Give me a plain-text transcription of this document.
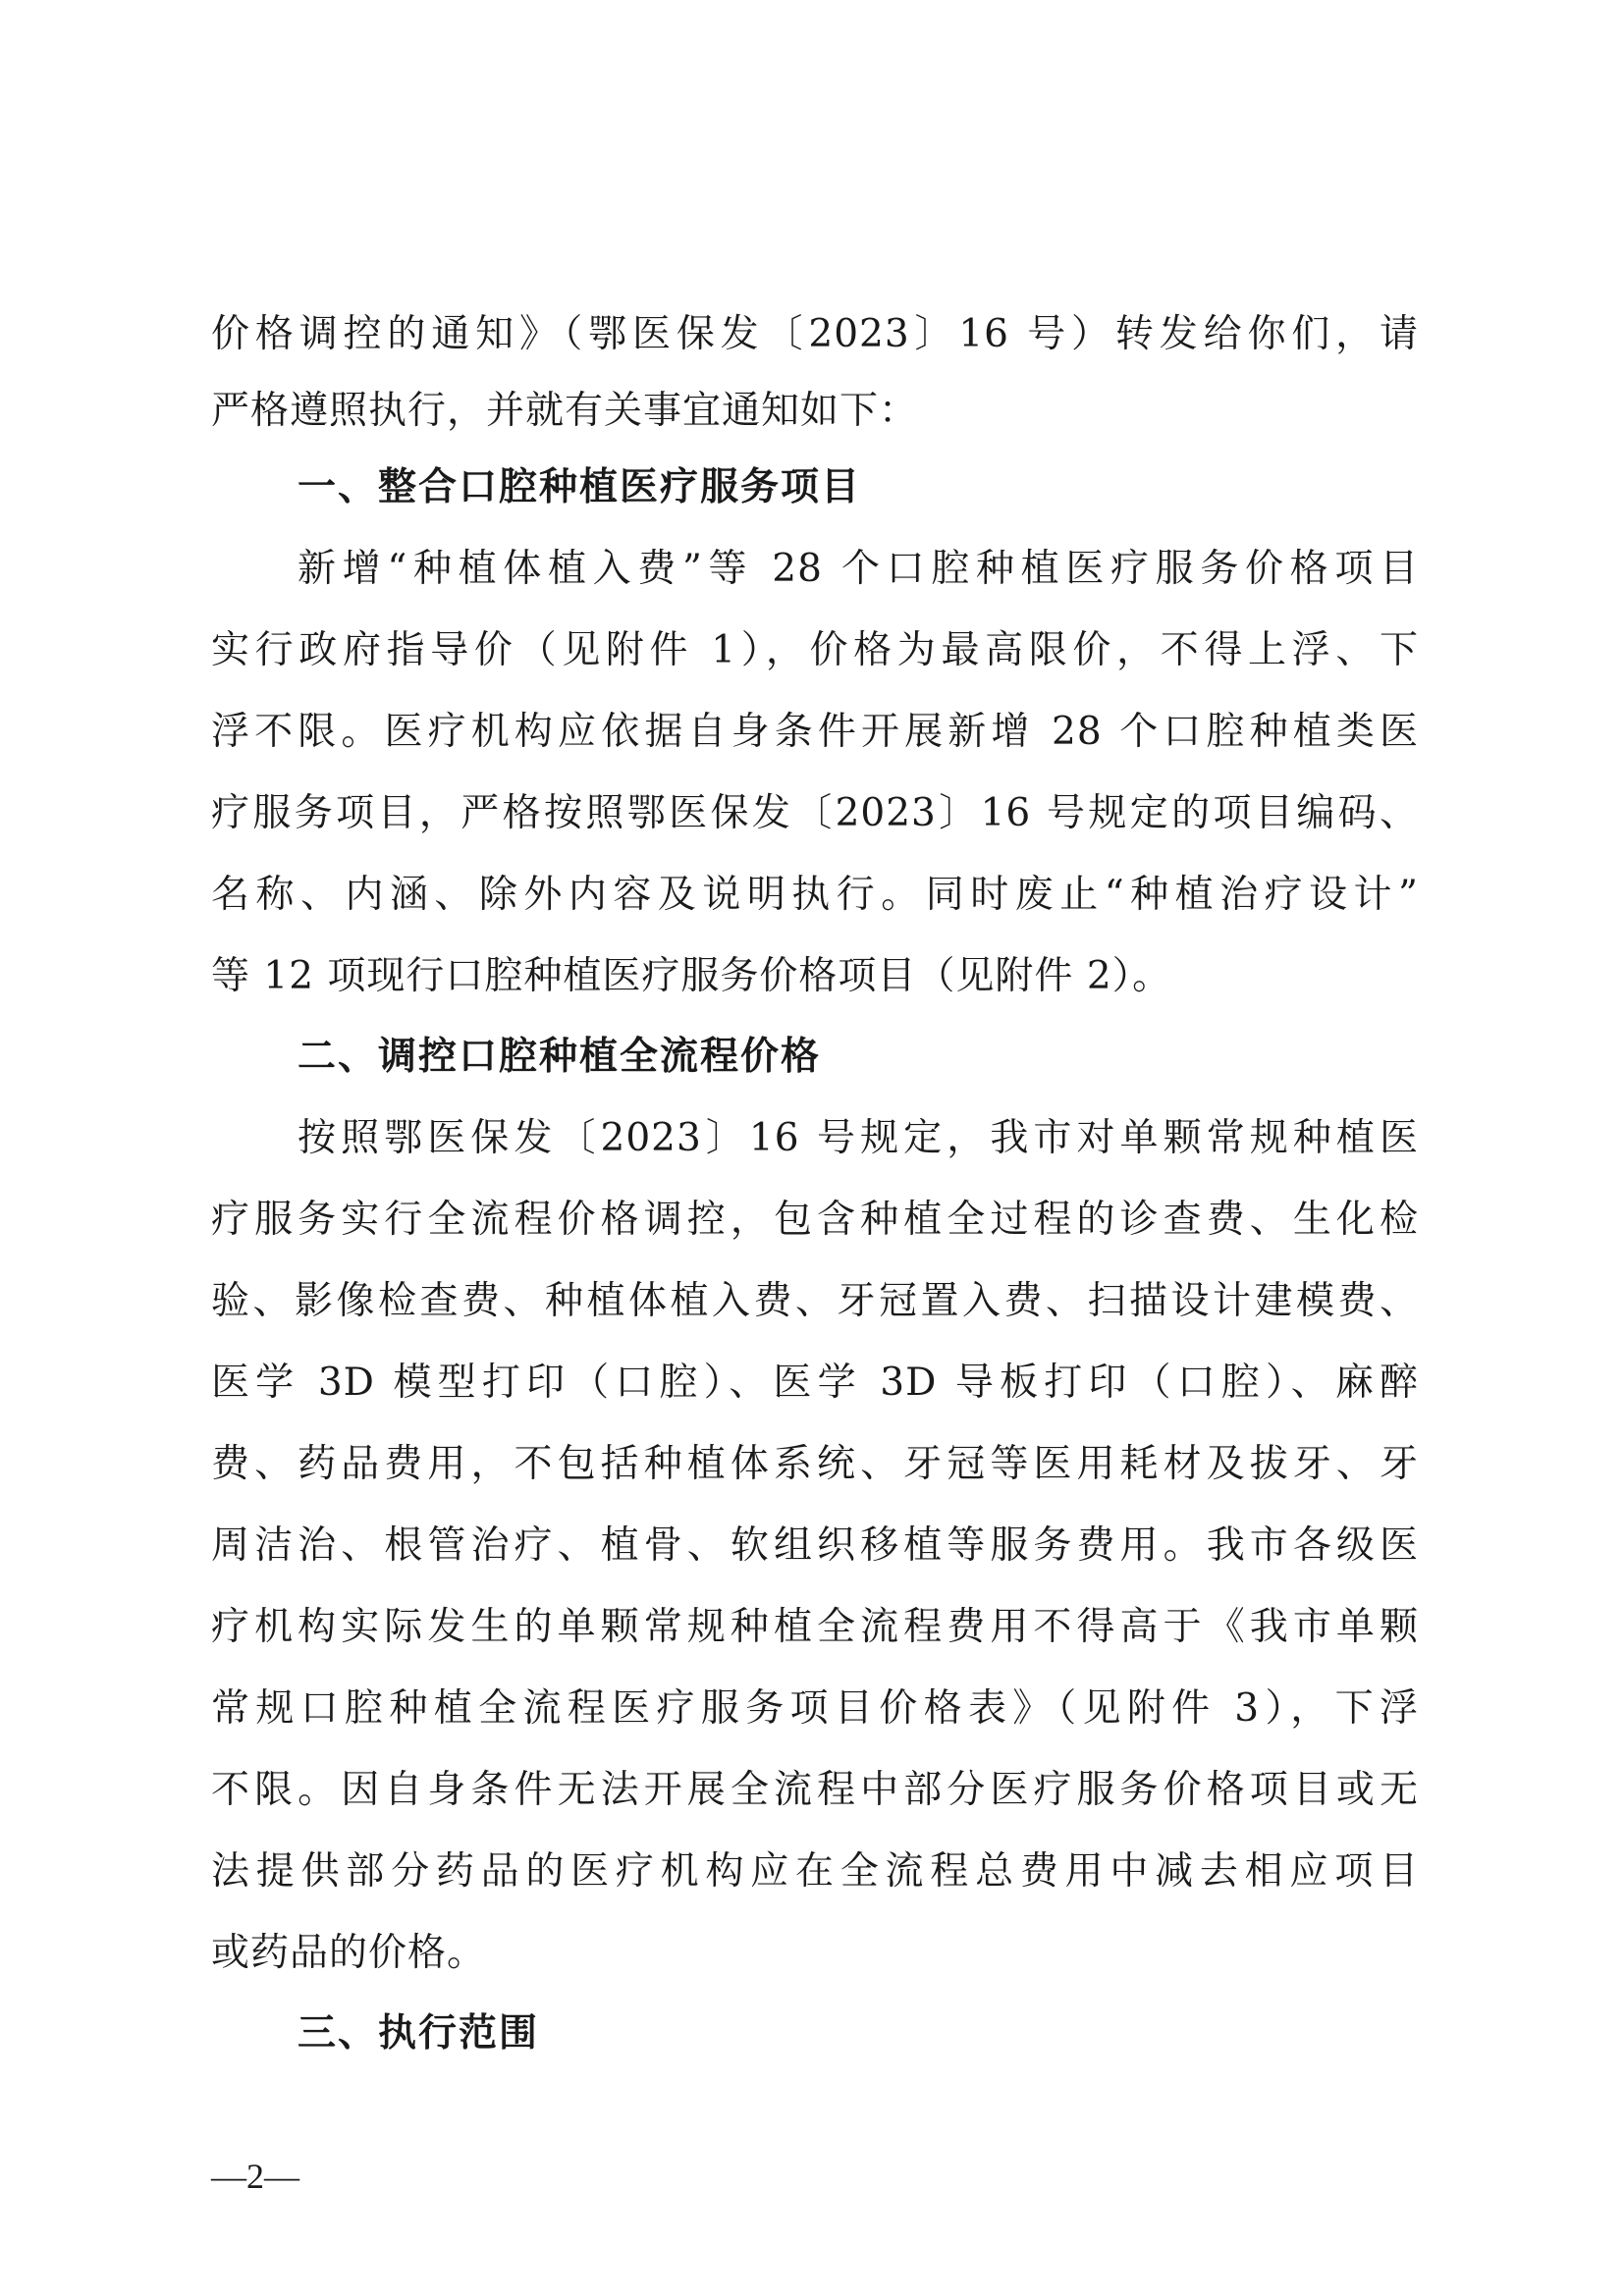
价格调控的通知》（鄂医保发〔2023〕16 号）转发给你们，请
严格遵照执行，并就有关事宜通知如下：
一、整合口腔种植医疗服务项目
新增“种植体植入费”等 28 个口腔种植医疗服务价格项目
实行政府指导价（见附件 1），价格为最高限价，不得上浮、下
浮不限。医疗机构应依据自身条件开展新增 28 个口腔种植类医
疗服务项目，严格按照鄂医保发〔2023〕16 号规定的项目编码、
名称、内涵、除外内容及说明执行。同时废止“种植治疗设计”
等 12 项现行口腔种植医疗服务价格项目（见附件 2）。
二、调控口腔种植全流程价格
按照鄂医保发〔2023〕16 号规定，我市对单颗常规种植医
疗服务实行全流程价格调控，包含种植全过程的诊查费、生化检
验、影像检查费、种植体植入费、牙冠置入费、扫描设计建模费、
医学 3D 模型打印（口腔）、医学 3D 导板打印（口腔）、麻醉
费、药品费用，不包括种植体系统、牙冠等医用耗材及拔牙、牙
周洁治、根管治疗、植骨、软组织移植等服务费用。我市各级医
疗机构实际发生的单颗常规种植全流程费用不得高于《我市单颗
常规口腔种植全流程医疗服务项目价格表》（见附件 3），下浮
不限。因自身条件无法开展全流程中部分医疗服务价格项目或无
法提供部分药品的医疗机构应在全流程总费用中减去相应项目
或药品的价格。
三、执行范围
—2—
